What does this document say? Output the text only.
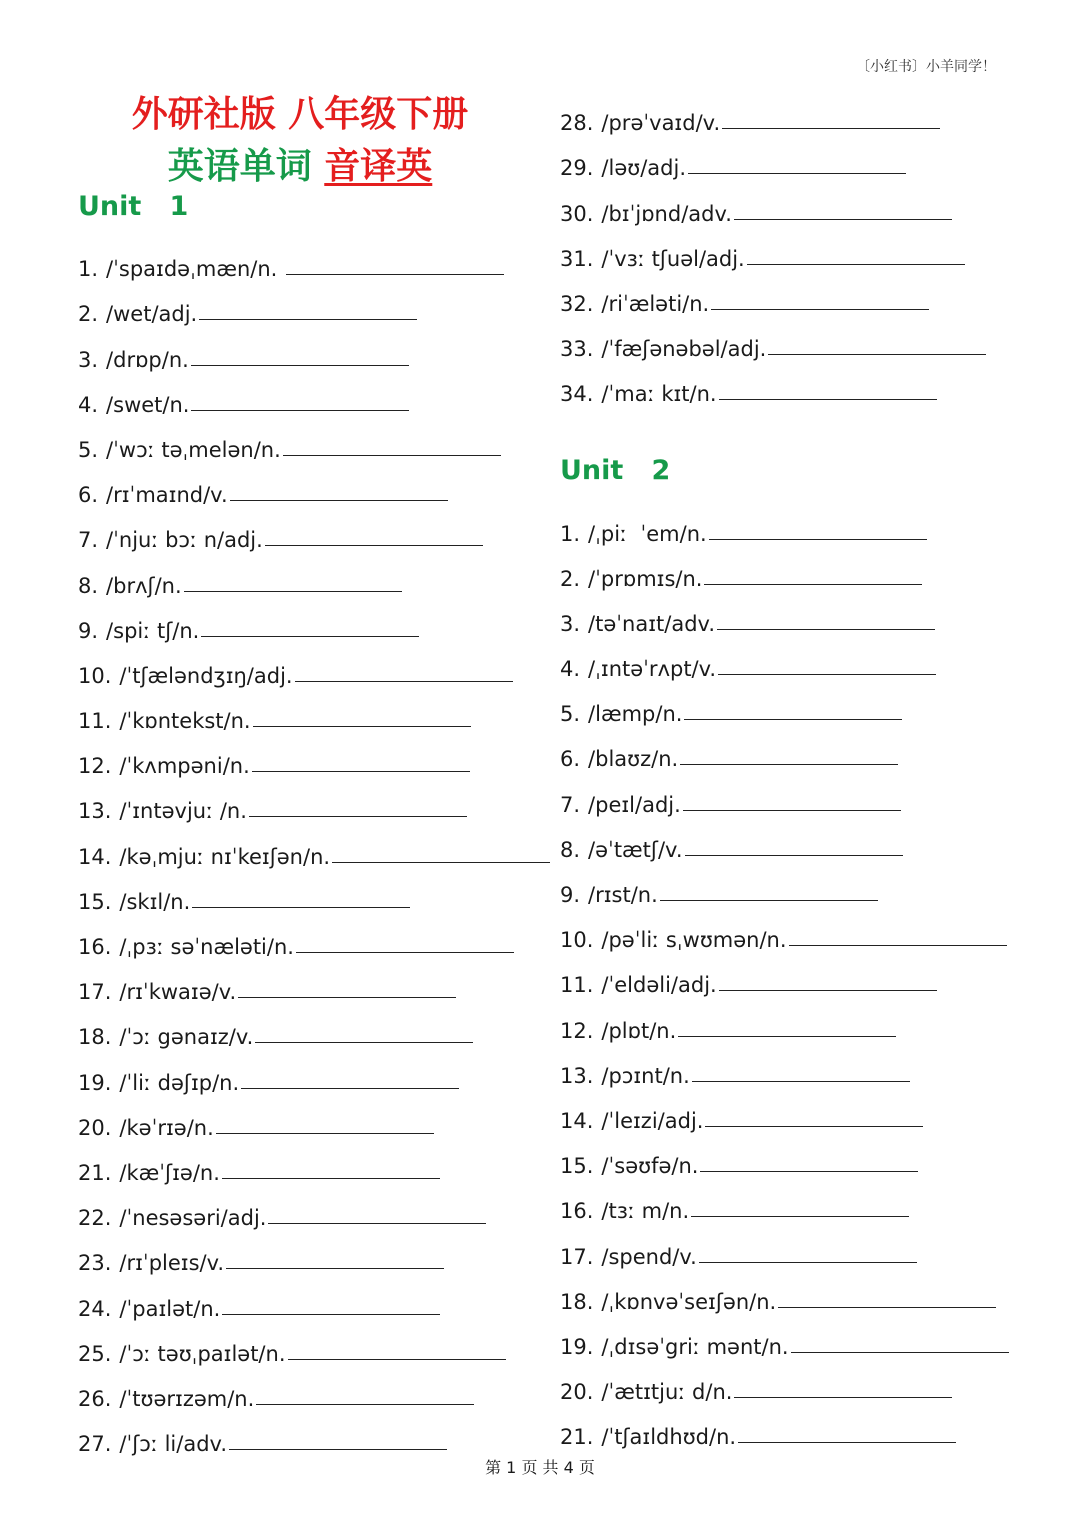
〔小红书〕小羊同学！
外研社版 八年级下册
英语单词 音译英
Unit   1
1. /ˈspaɪdəˌmæn/n.
2. /wet/adj.
3. /drɒp/n.
4. /swet/n.
5. /ˈwɔː təˌmelən/n.
6. /rɪˈmaɪnd/v.
7. /ˈnjuː bɔː n/adj.
8. /brʌʃ/n.
9. /spiː tʃ/n.
10. /ˈtʃæləndʒɪŋ/adj.
11. /ˈkɒntekst/n.
12. /ˈkʌmpəni/n.
13. /ˈɪntəvjuː /n.
14. /kəˌmjuː nɪˈkeɪʃən/n.
15. /skɪl/n.
16. /ˌpɜː səˈnæləti/n.
17. /rɪˈkwaɪə/v.
18. /ˈɔː gənaɪz/v.
19. /ˈliː dəʃɪp/n.
20. /kəˈrɪə/n.
21. /kæˈʃɪə/n.
22. /ˈnesəsəri/adj.
23. /rɪˈpleɪs/v.
24. /ˈpaɪlət/n.
25. /ˈɔː təʊˌpaɪlət/n.
26. /ˈtʊərɪzəm/n.
27. /ˈʃɔː li/adv.
28. /prəˈvaɪd/v.
29. /ləʊ/adj.
30. /bɪˈjɒnd/adv.
31. /ˈvɜː tʃuəl/adj.
32. /riˈæləti/n.
33. /ˈfæʃənəbəl/adj.
34. /ˈmaː kɪt/n.
Unit   2
1. /ˌpiː  ˈem/n.
2. /ˈprɒmɪs/n.
3. /təˈnaɪt/adv.
4. /ˌɪntəˈrʌpt/v.
5. /læmp/n.
6. /blaʊz/n.
7. /peɪl/adj.
8. /əˈtætʃ/v.
9. /rɪst/n.
10. /pəˈliː sˌwʊmən/n.
11. /ˈeldəli/adj.
12. /plɒt/n.
13. /pɔɪnt/n.
14. /ˈleɪzi/adj.
15. /ˈsəʊfə/n.
16. /tɜː m/n.
17. /spend/v.
18. /ˌkɒnvəˈseɪʃən/n.
19. /ˌdɪsəˈgriː mənt/n.
20. /ˈætɪtjuː d/n.
21. /ˈtʃaɪldhʊd/n.
第 1 页 共 4 页
